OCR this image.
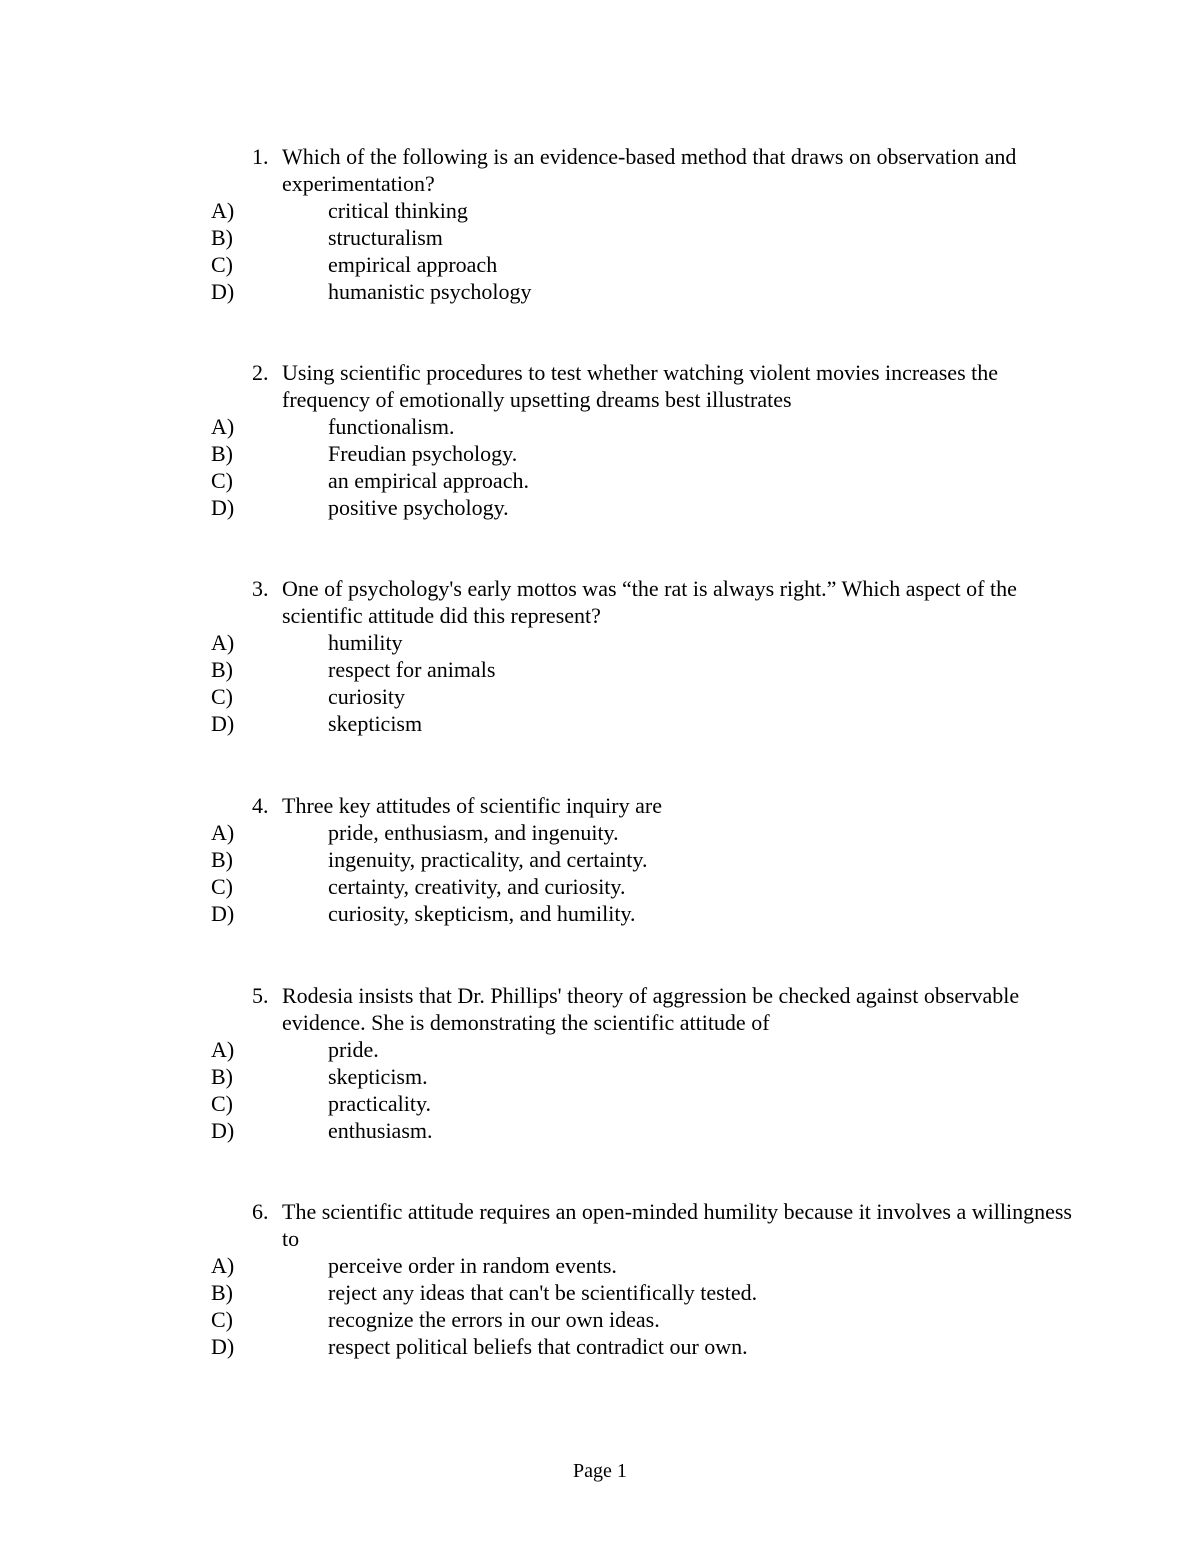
1. Which of the following is an evidence-based method that draws on observation and experimentation?
A)	critical thinking
B)	structuralism
C)	empirical approach
D)	humanistic psychology
2. Using scientific procedures to test whether watching violent movies increases the frequency of emotionally upsetting dreams best illustrates
A)	functionalism.
B)	Freudian psychology.
C)	an empirical approach.
D)	positive psychology.
3. One of psychology's early mottos was “the rat is always right.” Which aspect of the scientific attitude did this represent?
A)	humility
B)	respect for animals
C)	curiosity
D)	skepticism
4. Three key attitudes of scientific inquiry are
A)	pride, enthusiasm, and ingenuity.
B)	ingenuity, practicality, and certainty.
C)	certainty, creativity, and curiosity.
D)	curiosity, skepticism, and humility.
5. Rodesia insists that Dr. Phillips' theory of aggression be checked against observable evidence. She is demonstrating the scientific attitude of
A)	pride.
B)	skepticism.
C)	practicality.
D)	enthusiasm.
6. The scientific attitude requires an open-minded humility because it involves a willingness to
A)	perceive order in random events.
B)	reject any ideas that can't be scientifically tested.
C)	recognize the errors in our own ideas.
D)	respect political beliefs that contradict our own.
Page 1
